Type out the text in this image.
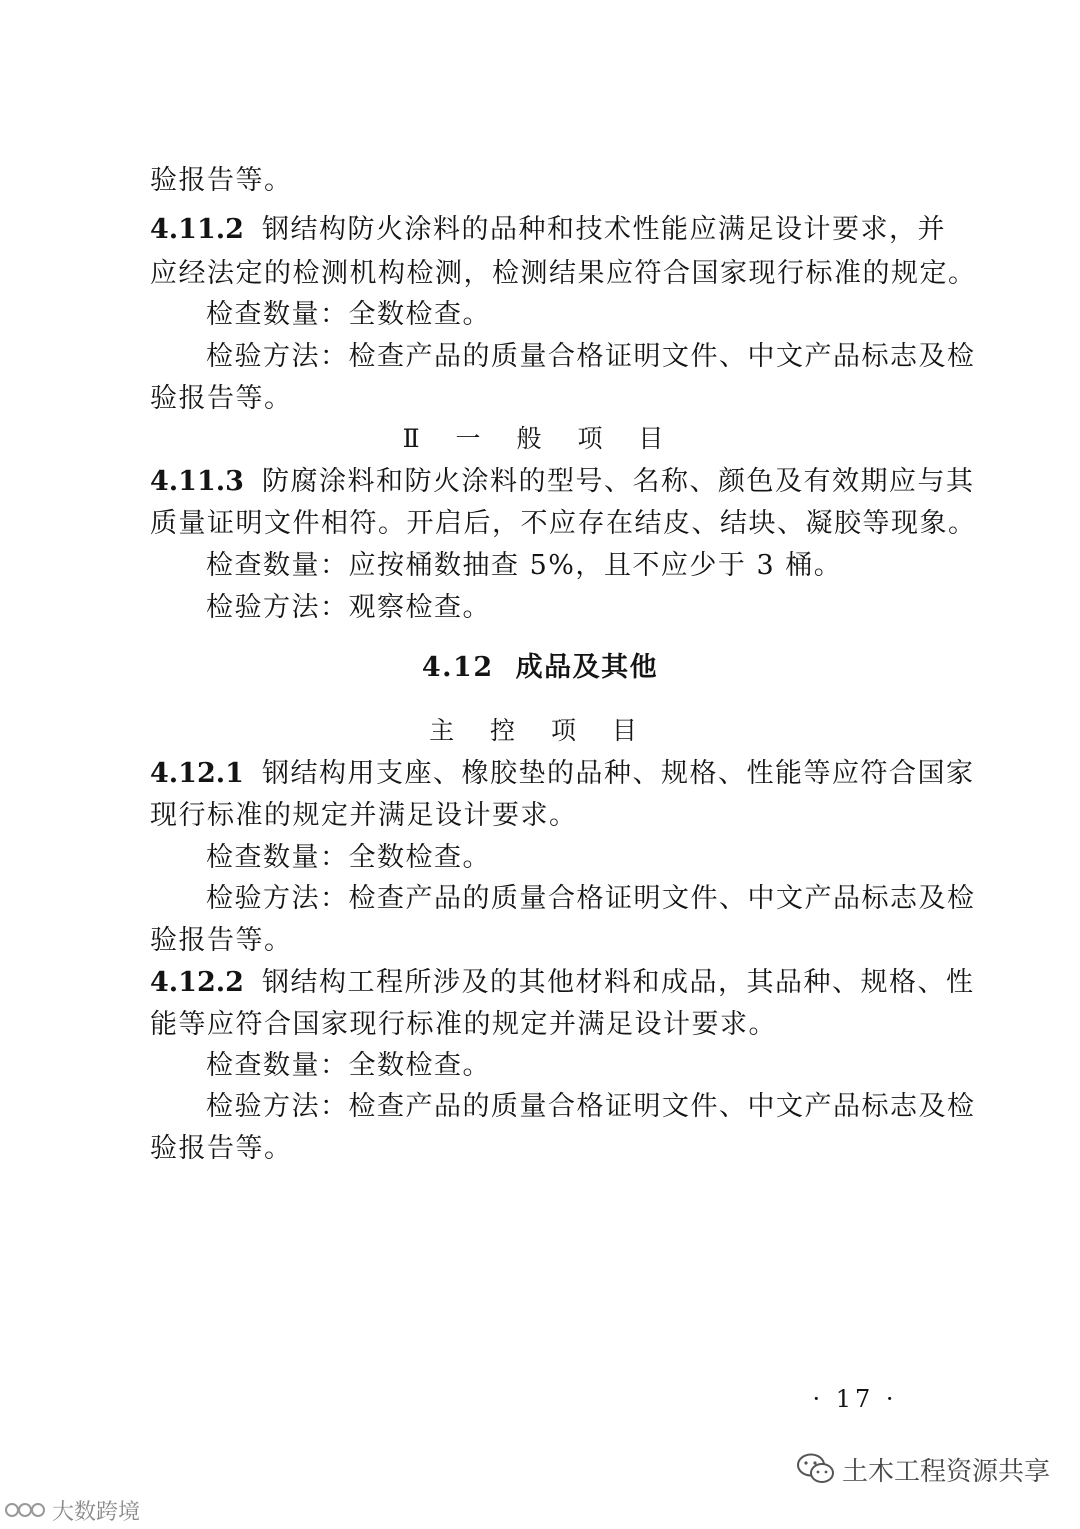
验报告等。
4.11.2 钢结构防火涂料的品种和技术性能应满足设计要求，并
应经法定的检测机构检测，检测结果应符合国家现行标准的规定。
检查数量：全数检查。
检验方法：检查产品的质量合格证明文件、中文产品标志及检
验报告等。
Ⅱ 一 般 项 目
4.11.3 防腐涂料和防火涂料的型号、名称、颜色及有效期应与其
质量证明文件相符。开启后，不应存在结皮、结块、凝胶等现象。
检查数量：应按桶数抽查 5%，且不应少于 3 桶。
检验方法：观察检查。
4.12 成品及其他
主 控 项 目
4.12.1 钢结构用支座、橡胶垫的品种、规格、性能等应符合国家
现行标准的规定并满足设计要求。
检查数量：全数检查。
检验方法：检查产品的质量合格证明文件、中文产品标志及检
验报告等。
4.12.2 钢结构工程所涉及的其他材料和成品，其品种、规格、性
能等应符合国家现行标准的规定并满足设计要求。
检查数量：全数检查。
检验方法：检查产品的质量合格证明文件、中文产品标志及检
验报告等。
· 17 ·
土木工程资源共享
大数跨境
